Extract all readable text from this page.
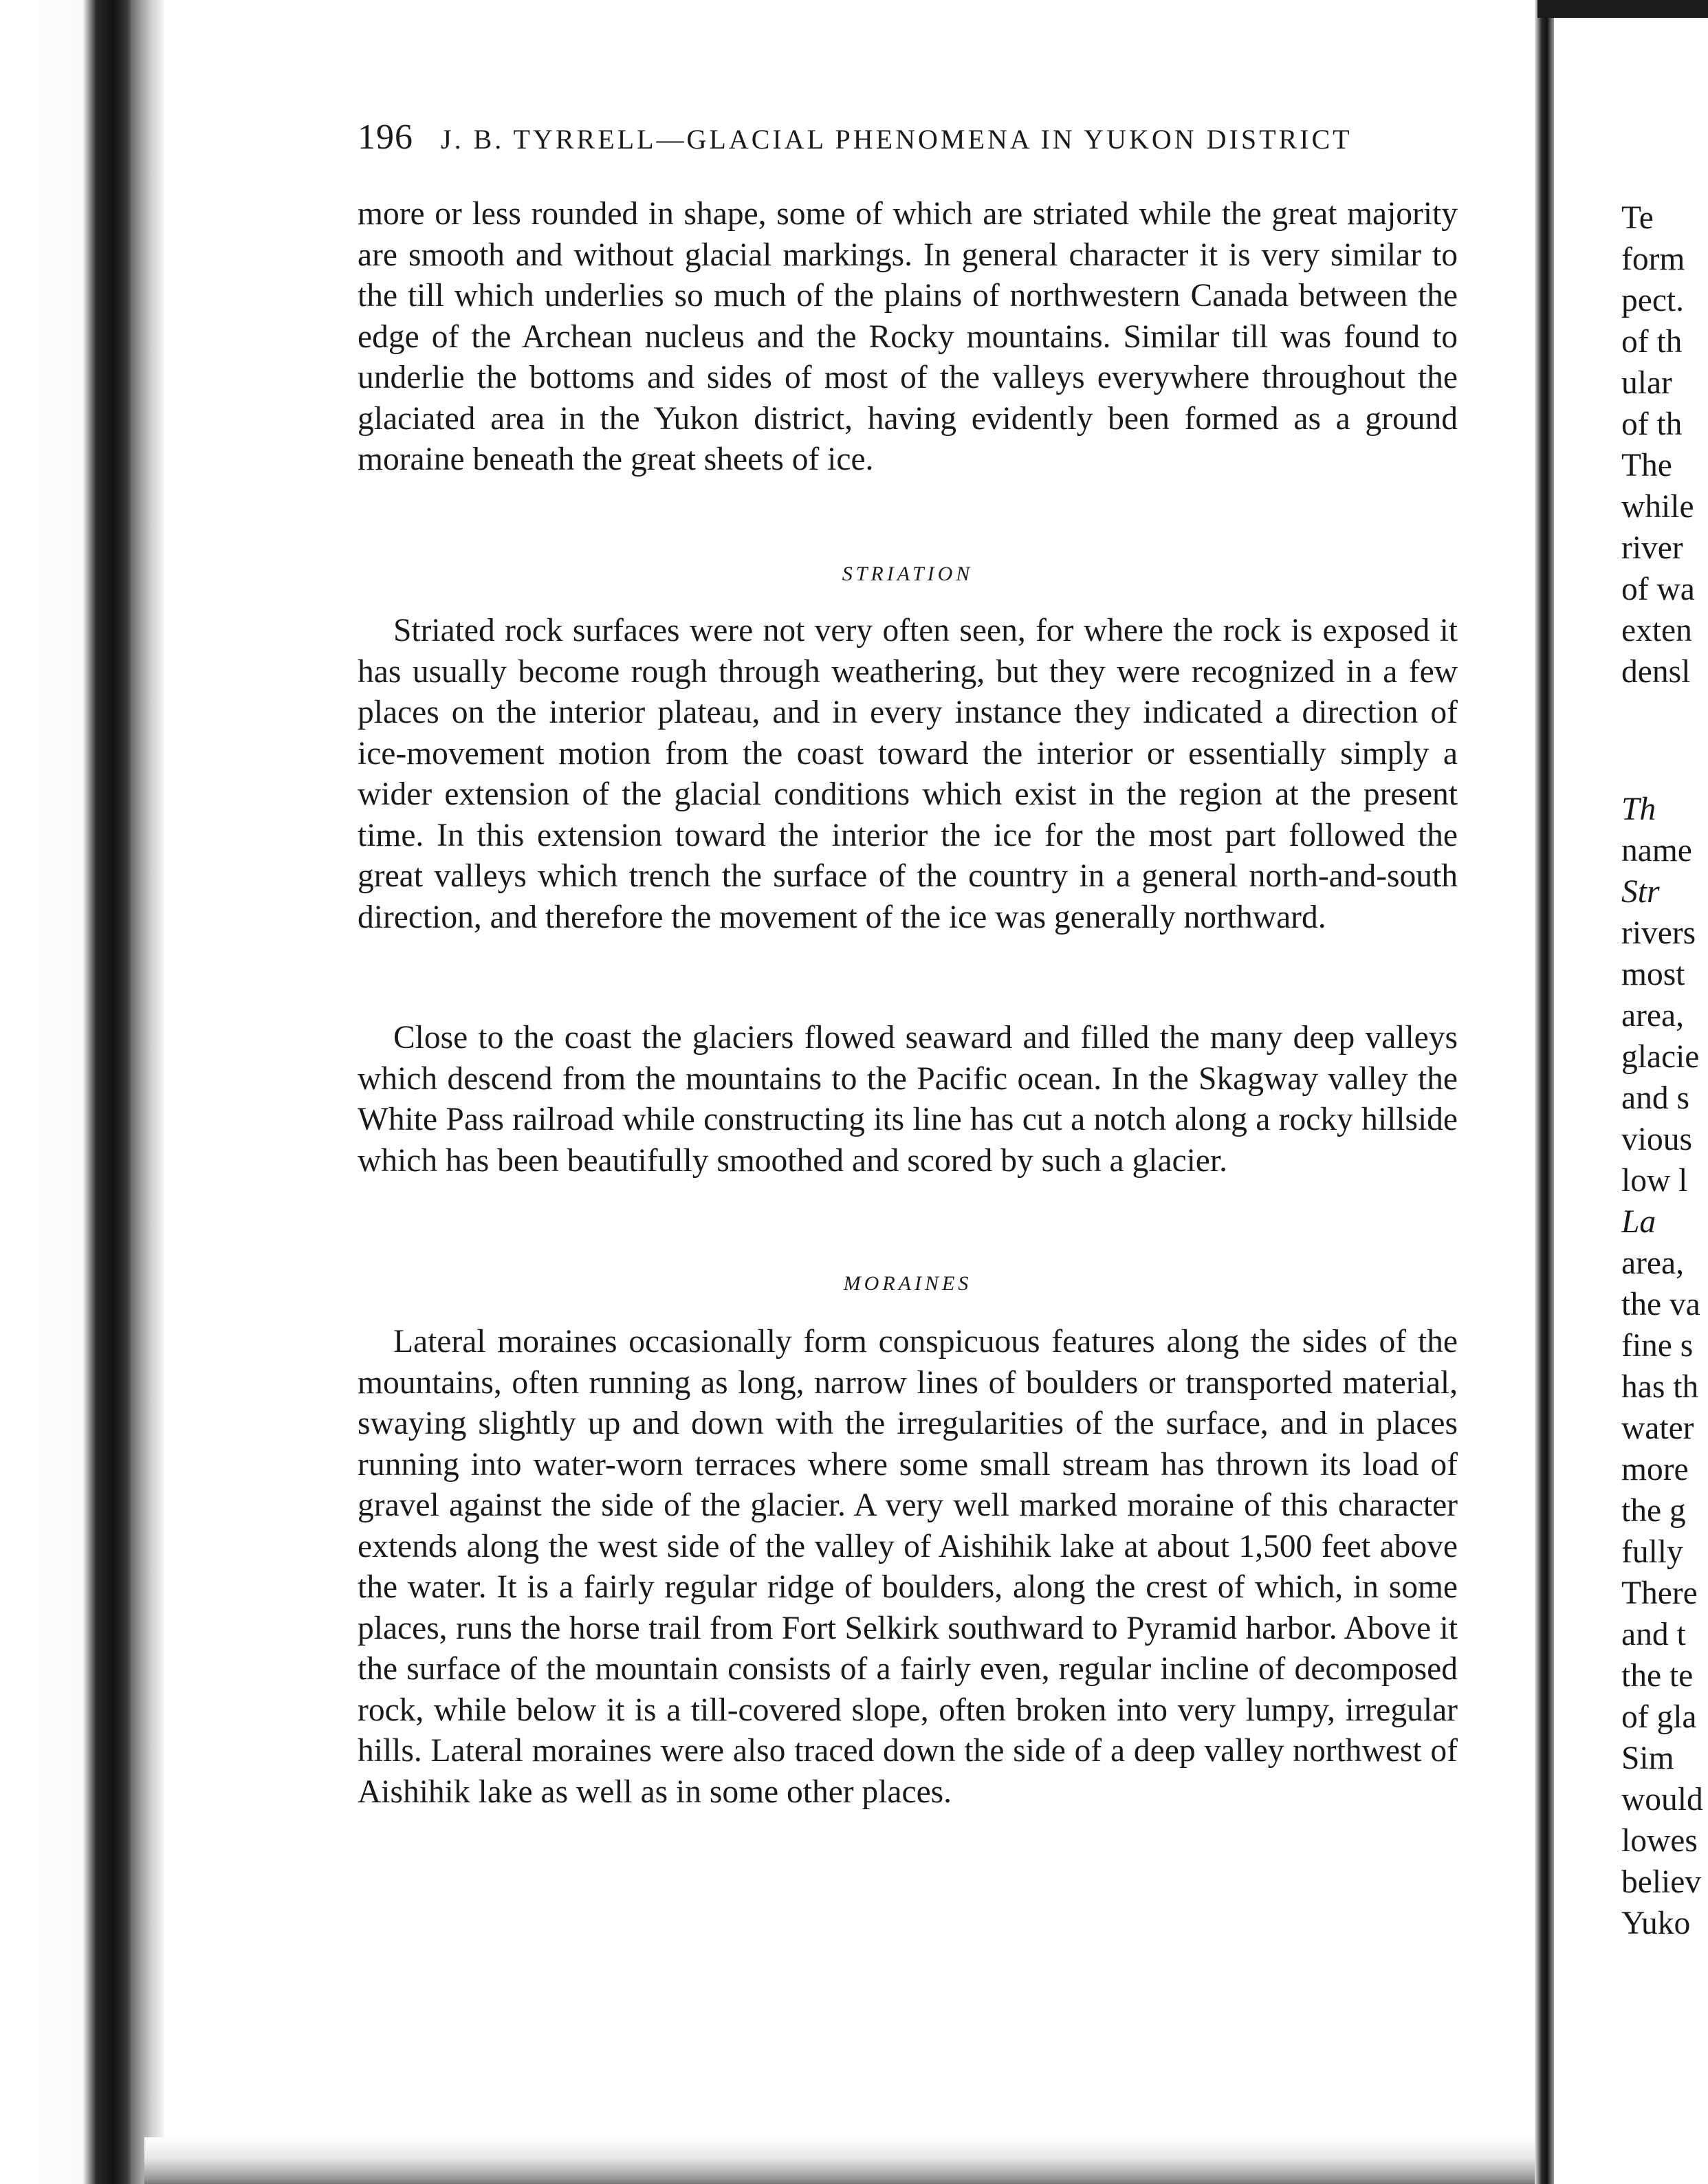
196 J. B. TYRRELL—GLACIAL PHENOMENA IN YUKON DISTRICT

more or less rounded in shape, some of which are striated while the great majority are smooth and without glacial markings. In general character it is very similar to the till which underlies so much of the plains of northwestern Canada between the edge of the Archean nucleus and the Rocky mountains. Similar till was found to underlie the bottoms and sides of most of the valleys everywhere throughout the glaciated area in the Yukon district, having evidently been formed as a ground moraine beneath the great sheets of ice.

STRIATION

Striated rock surfaces were not very often seen, for where the rock is exposed it has usually become rough through weathering, but they were recognized in a few places on the interior plateau, and in every instance they indicated a direction of ice-movement motion from the coast toward the interior or essentially simply a wider extension of the glacial conditions which exist in the region at the present time. In this extension toward the interior the ice for the most part followed the great valleys which trench the surface of the country in a general north-and-south direction, and therefore the movement of the ice was generally northward.

Close to the coast the glaciers flowed seaward and filled the many deep valleys which descend from the mountains to the Pacific ocean. In the Skagway valley the White Pass railroad while constructing its line has cut a notch along a rocky hillside which has been beautifully smoothed and scored by such a glacier.

MORAINES

Lateral moraines occasionally form conspicuous features along the sides of the mountains, often running as long, narrow lines of boulders or transported material, swaying slightly up and down with the irregularities of the surface, and in places running into water-worn terraces where some small stream has thrown its load of gravel against the side of the glacier. A very well marked moraine of this character extends along the west side of the valley of Aishihik lake at about 1,500 feet above the water. It is a fairly regular ridge of boulders, along the crest of which, in some places, runs the horse trail from Fort Selkirk southward to Pyramid harbor. Above it the surface of the mountain consists of a fairly even, regular incline of decomposed rock, while below it is a till-covered slope, often broken into very lumpy, irregular hills. Lateral moraines were also traced down the side of a deep valley northwest of Aishihik lake as well as in some other places.

Te
form
pect.
of th
ular
of th
The
while
river
of wa
exten
densl
Th
name
Str
rivers
most
area,
glacie
and s
vious
low l
La
area,
the va
fine s
has th
water
more
the g
fully
There
and t
the te
of gla
Sim
would
lowes
believ
Yuko
